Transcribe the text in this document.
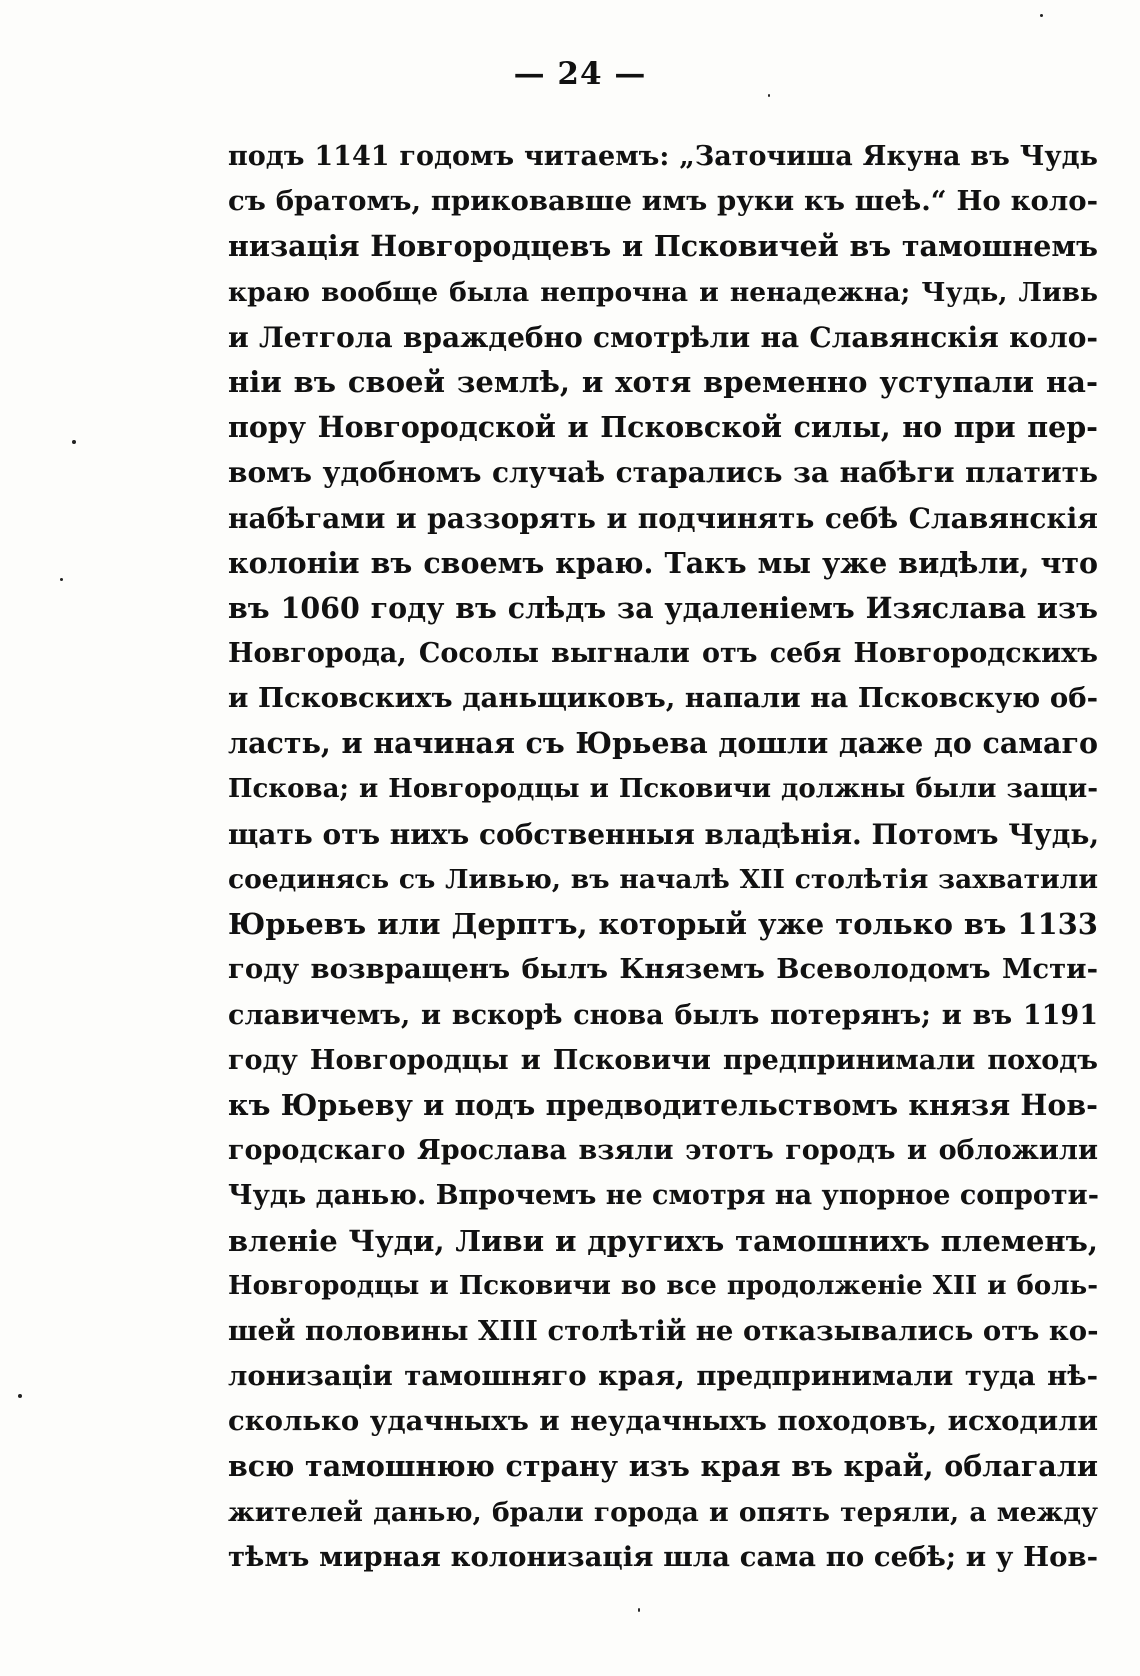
— 24 —
подъ 1141 годомъ читаемъ: „Заточиша Якуна въ Чудь
съ братомъ, приковавше имъ руки къ шеѣ.“ Но коло-
низація Новгородцевъ и Псковичей въ тамошнемъ
краю вообще была непрочна и ненадежна; Чудь, Ливь
и Летгола враждебно смотрѣли на Славянскія коло-
ніи въ своей землѣ, и хотя временно уступали на-
пору Новгородской и Псковской силы, но при пер-
вомъ удобномъ случаѣ старались за набѣги платить
набѣгами и раззорять и подчинять себѣ Славянскія
колоніи въ своемъ краю. Такъ мы уже видѣли, что
въ 1060 году въ слѣдъ за удаленіемъ Изяслава изъ
Новгорода, Сосолы выгнали отъ себя Новгородскихъ
и Псковскихъ даньщиковъ, напали на Псковскую об-
ласть, и начиная съ Юрьева дошли даже до самаго
Пскова; и Новгородцы и Псковичи должны были защи-
щать отъ нихъ собственныя владѣнія. Потомъ Чудь,
соединясь съ Ливью, въ началѣ XII столѣтія захватили
Юрьевъ или Дерптъ, который уже только въ 1133
году возвращенъ былъ Княземъ Всеволодомъ Мсти-
славичемъ, и вскорѣ снова былъ потерянъ; и въ 1191
году Новгородцы и Псковичи предпринимали походъ
къ Юрьеву и подъ предводительствомъ князя Нов-
городскаго Ярослава взяли этотъ городъ и обложили
Чудь данью. Впрочемъ не смотря на упорное сопроти-
вленіе Чуди, Ливи и другихъ тамошнихъ племенъ,
Новгородцы и Псковичи во все продолженіе XII и боль-
шей половины XIII столѣтій не отказывались отъ ко-
лонизаціи тамошняго края, предпринимали туда нѣ-
сколько удачныхъ и неудачныхъ походовъ, исходили
всю тамошнюю страну изъ края въ край, облагали
жителей данью, брали города и опять теряли, а между
тѣмъ мирная колонизація шла сама по себѣ; и у Нов-
